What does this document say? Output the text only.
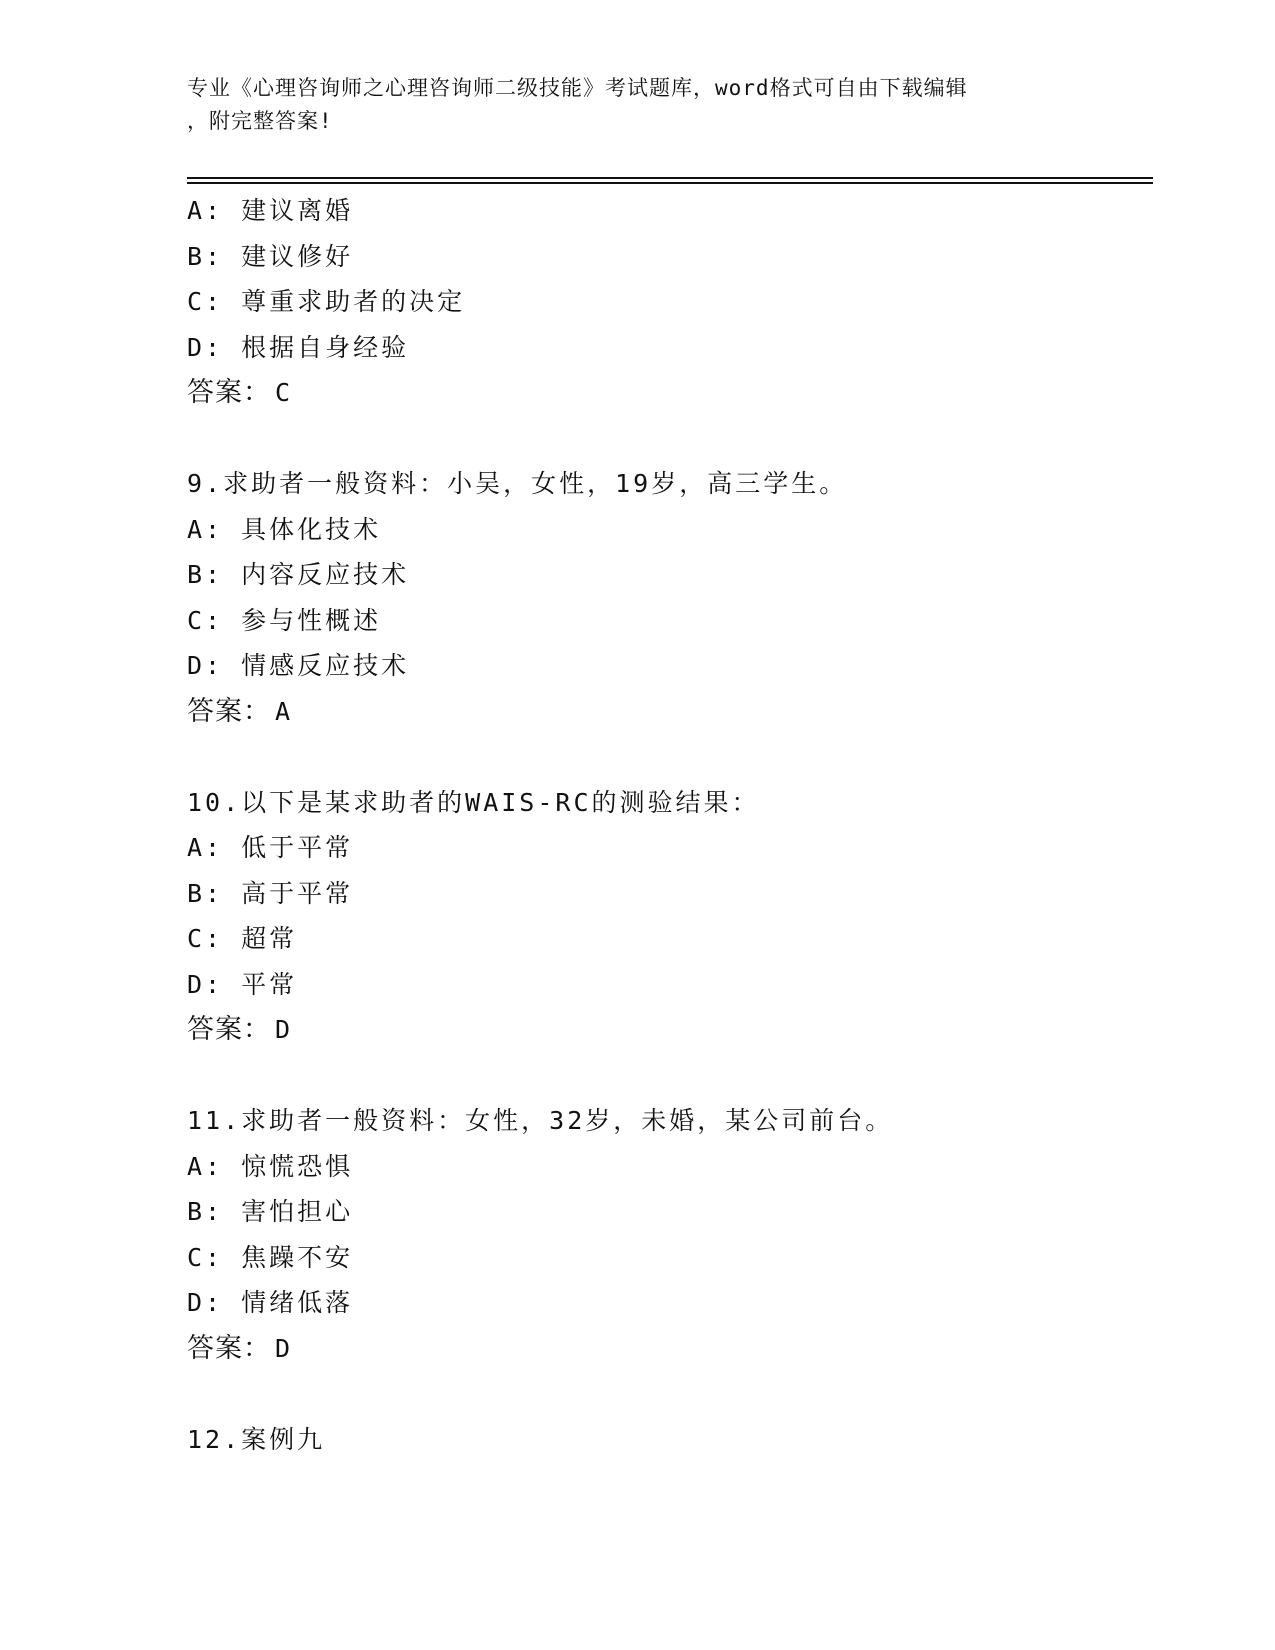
专业《心理咨询师之心理咨询师二级技能》考试题库，word格式可自由下载编辑
，附完整答案!
A: 建议离婚
B: 建议修好
C: 尊重求助者的决定
D: 根据自身经验
答案： C
9.求助者一般资料：小吴，女性，19岁，高三学生。
A: 具体化技术
B: 内容反应技术
C: 参与性概述
D: 情感反应技术
答案： A
10.以下是某求助者的WAIS-RC的测验结果：
A: 低于平常
B: 高于平常
C: 超常
D: 平常
答案： D
11.求助者一般资料：女性，32岁，未婚，某公司前台。
A: 惊慌恐惧
B: 害怕担心
C: 焦躁不安
D: 情绪低落
答案： D
12.案例九
